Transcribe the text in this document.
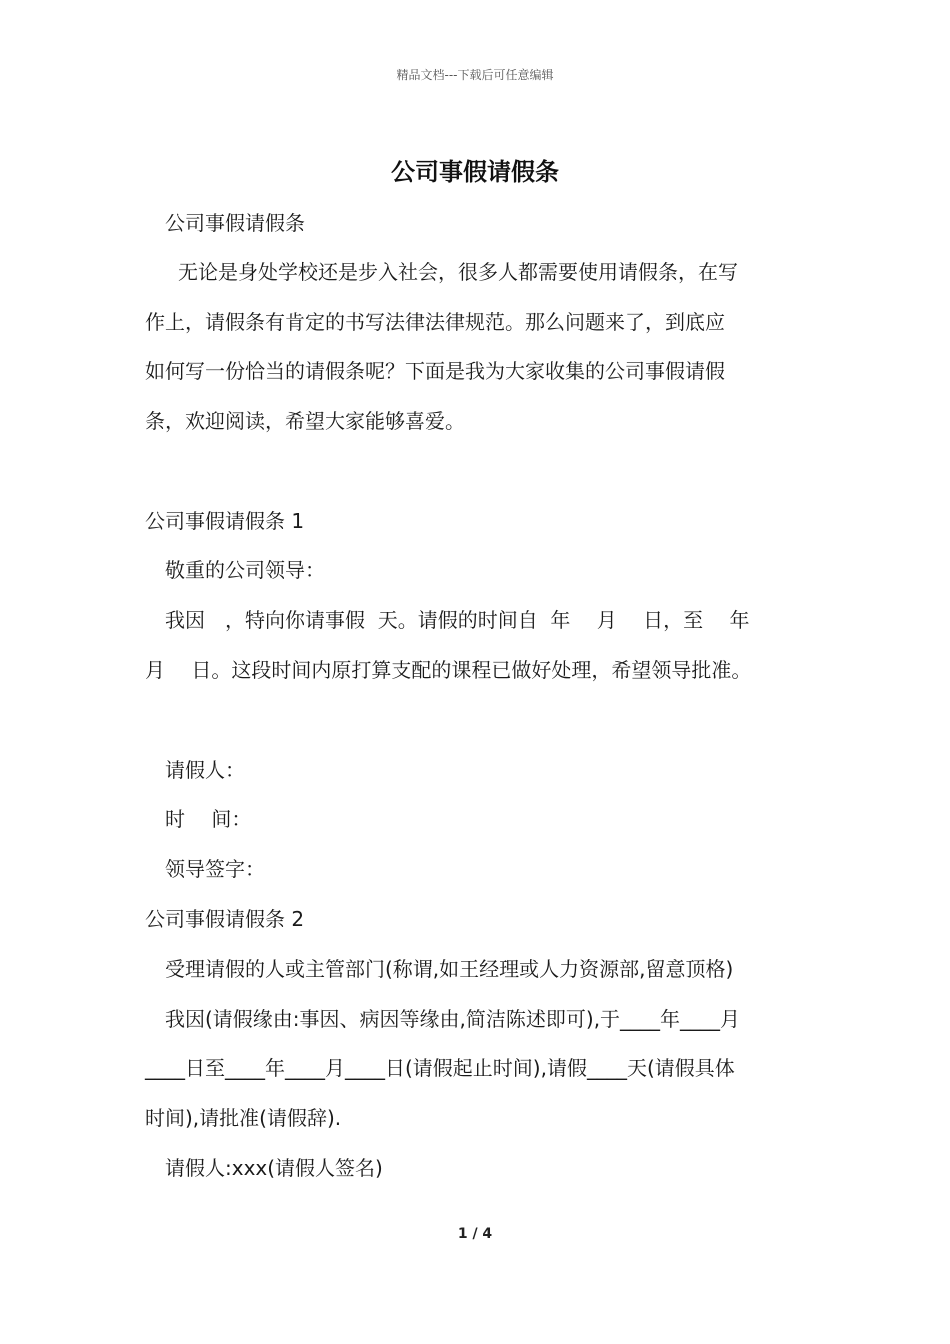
精品文档---下载后可任意编辑
公司事假请假条
公司事假请假条
无论是身处学校还是步入社会，很多人都需要使用请假条，在写
作上，请假条有肯定的书写法律法律规范。那么问题来了，到底应
如何写一份恰当的请假条呢？下面是我为大家收集的公司事假请假
条，欢迎阅读，希望大家能够喜爱。
公司事假请假条 1
敬重的公司领导：
我因　，特向你请事假  天。请假的时间自  年　 月　 日，至　 年
月　 日。这段时间内原打算支配的课程已做好处理，希望领导批准。
请假人：
时　 间：
领导签字：
公司事假请假条 2
受理请假的人或主管部门(称谓,如王经理或人力资源部,留意顶格)
我因(请假缘由:事因、病因等缘由,简洁陈述即可),于____年____月
____日至____年____月____日(请假起止时间),请假____天(请假具体
时间),请批准(请假辞).
请假人:xxx(请假人签名)
1 / 4
